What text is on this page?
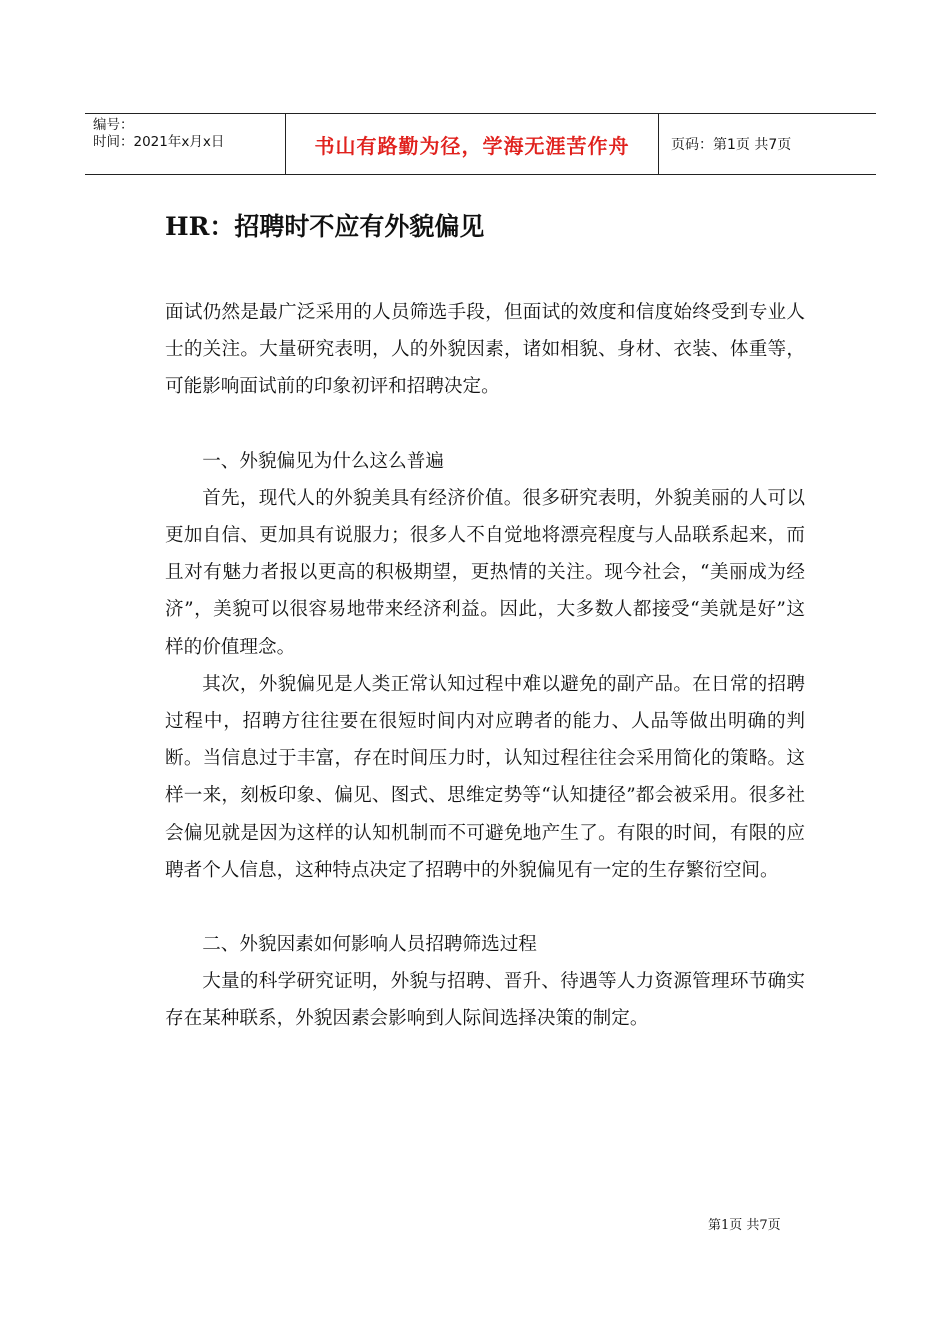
编号：
时间：2021年x月x日	书山有路勤为径，学海无涯苦作舟	页码：第1页 共7页
HR：招聘时不应有外貌偏见

面试仍然是最广泛采用的人员筛选手段，但面试的效度和信度始终受到专业人士的关注。大量研究表明，人的外貌因素，诸如相貌、身材、衣装、体重等，可能影响面试前的印象初评和招聘决定。

一、外貌偏见为什么这么普遍

首先，现代人的外貌美具有经济价值。很多研究表明，外貌美丽的人可以更加自信、更加具有说服力；很多人不自觉地将漂亮程度与人品联系起来，而且对有魅力者报以更高的积极期望，更热情的关注。现今社会，“美丽成为经济”，美貌可以很容易地带来经济利益。因此，大多数人都接受“美就是好”这样的价值理念。

其次，外貌偏见是人类正常认知过程中难以避免的副产品。在日常的招聘过程中，招聘方往往要在很短时间内对应聘者的能力、人品等做出明确的判断。当信息过于丰富，存在时间压力时，认知过程往往会采用简化的策略。这样一来，刻板印象、偏见、图式、思维定势等“认知捷径”都会被采用。很多社会偏见就是因为这样的认知机制而不可避免地产生了。有限的时间，有限的应聘者个人信息，这种特点决定了招聘中的外貌偏见有一定的生存繁衍空间。

二、外貌因素如何影响人员招聘筛选过程

大量的科学研究证明，外貌与招聘、晋升、待遇等人力资源管理环节确实存在某种联系，外貌因素会影响到人际间选择决策的制定。

第1页 共7页
